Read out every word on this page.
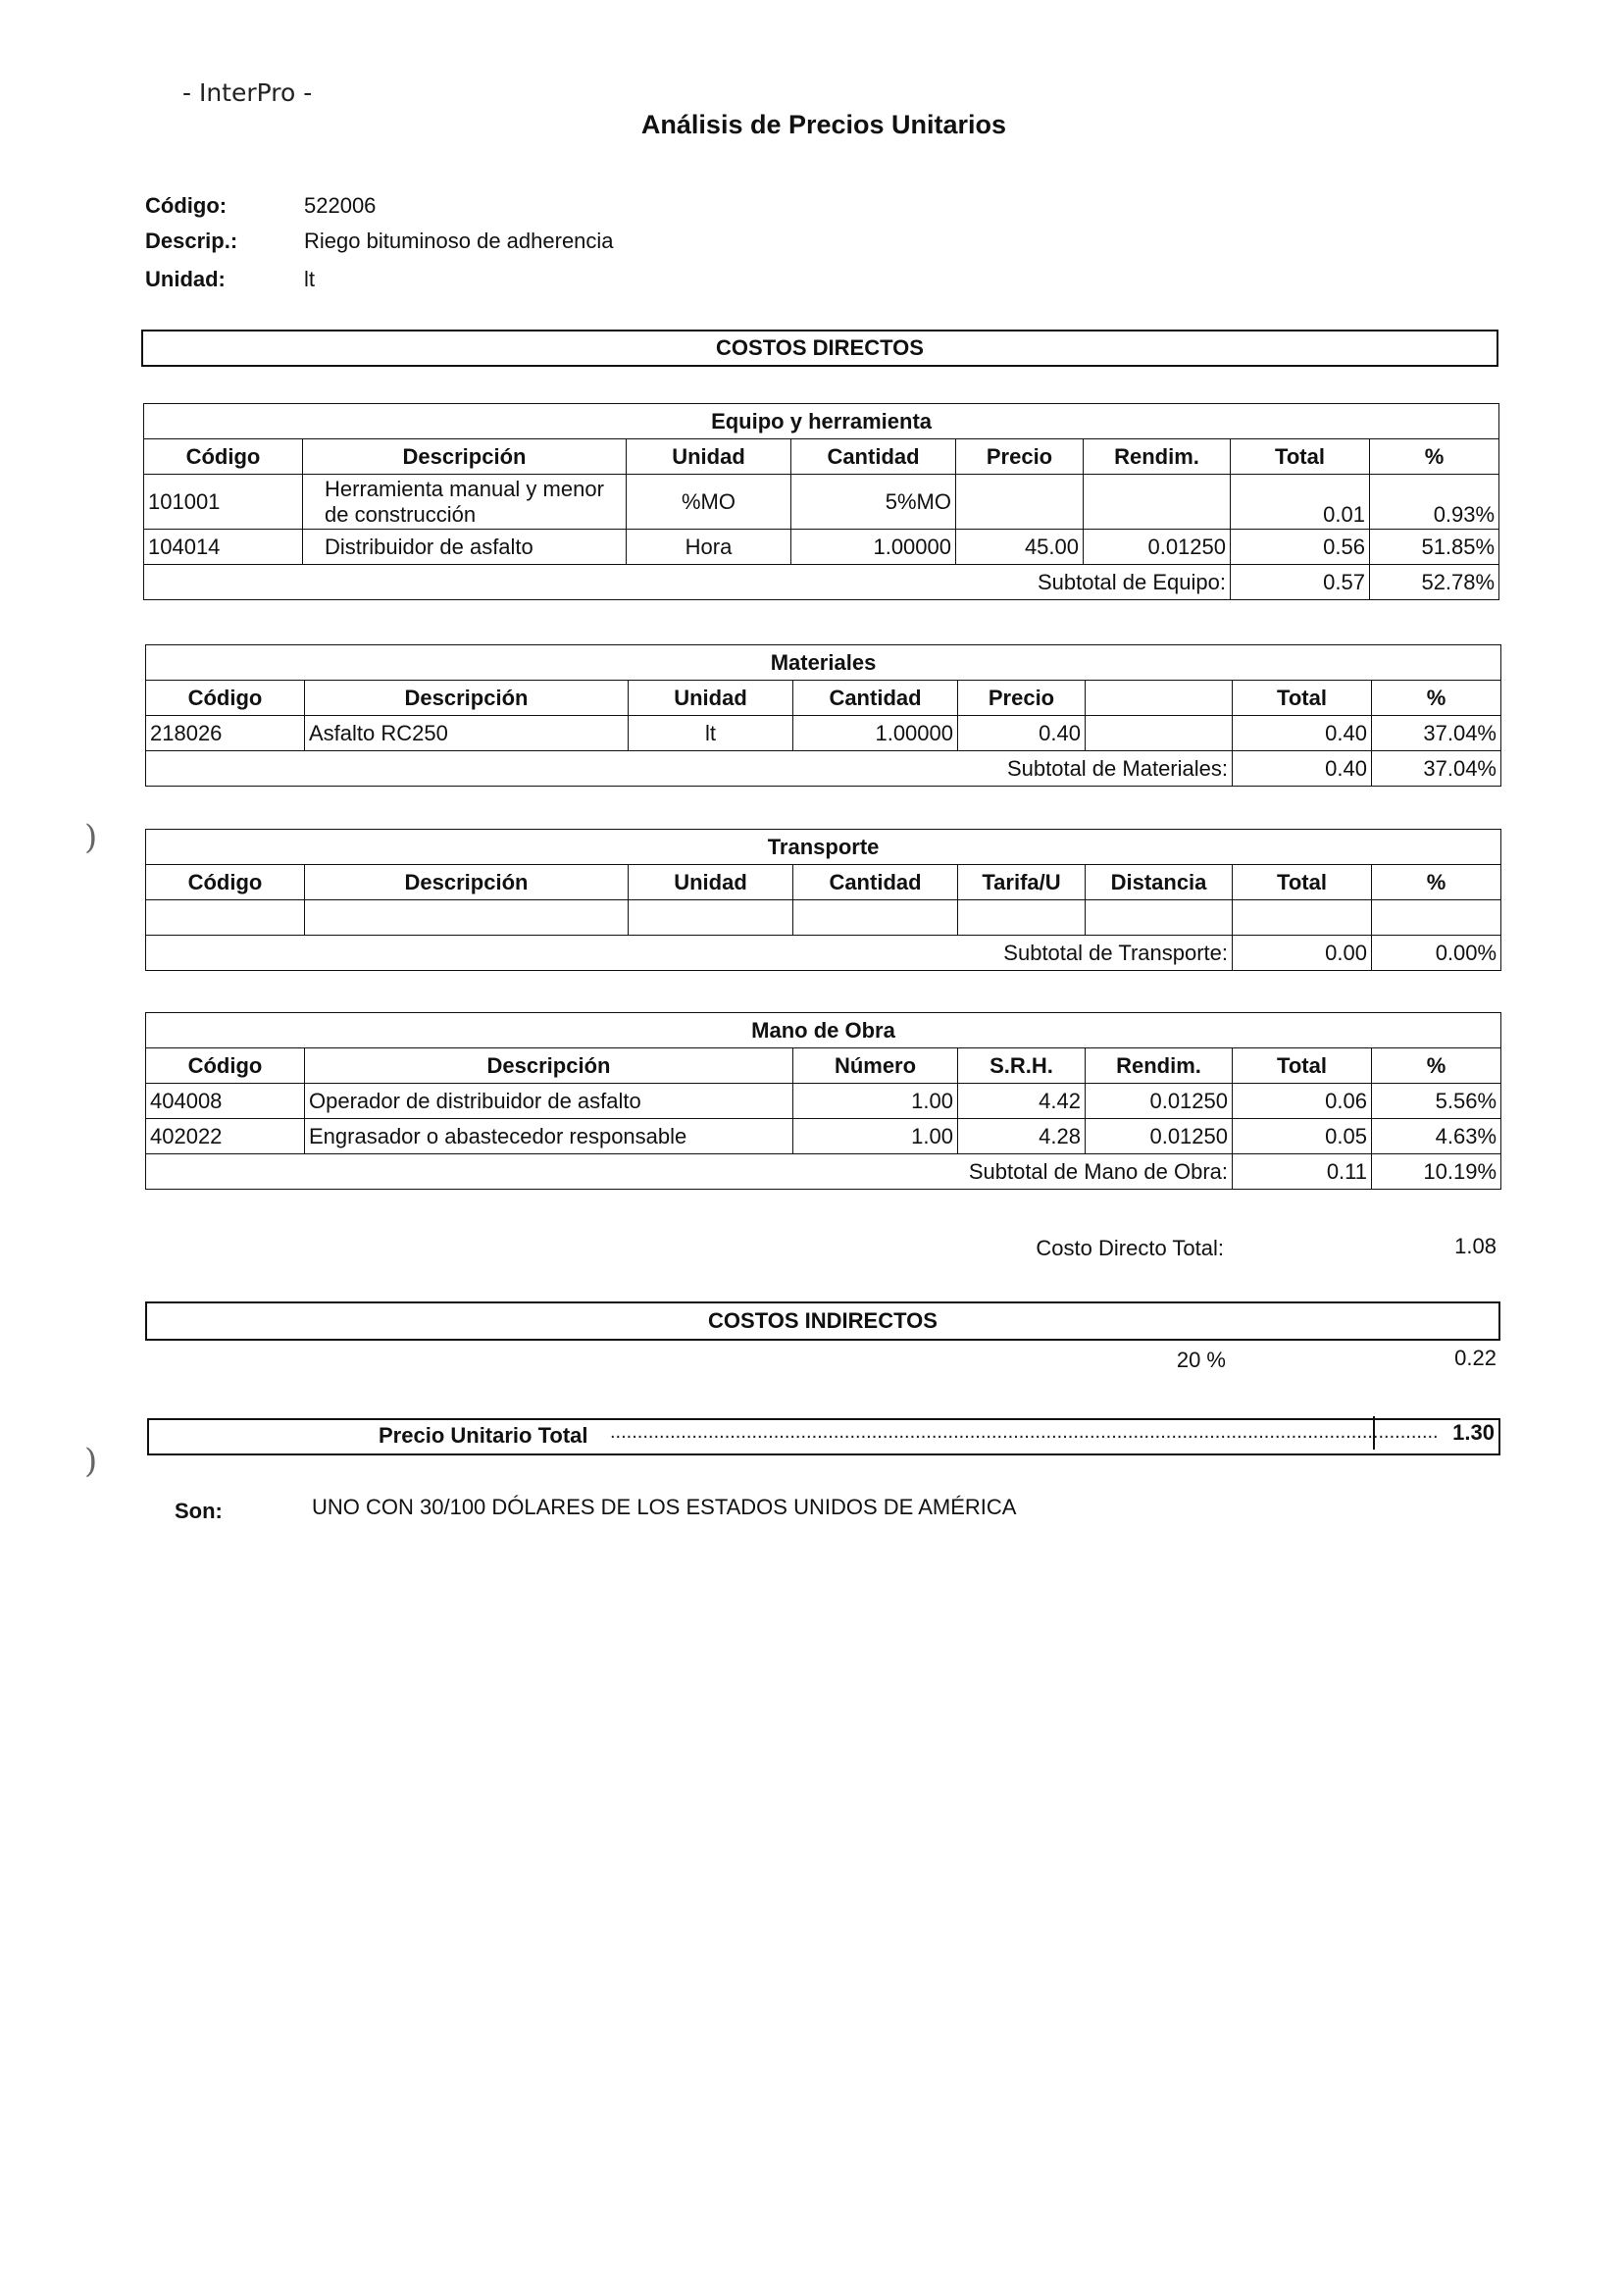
- InterPro -
Análisis de Precios Unitarios
Código:	522006
Descrip.:	Riego bituminoso de adherencia
Unidad:	lt
COSTOS DIRECTOS
Equipo y herramienta							
Código	Descripción	Unidad	Cantidad	Precio	Rendim.	Total	%
101001	Herramienta manual y menor de construcción	%MO	5%MO			0.01	0.93%
104014	Distribuidor de asfalto	Hora	1.00000	45.00	0.01250	0.56	51.85%
Subtotal de Equipo:						0.57	52.78%
Materiales							
Código	Descripción	Unidad	Cantidad	Precio		Total	%
218026	Asfalto RC250	lt	1.00000	0.40		0.40	37.04%
Subtotal de Materiales:						0.40	37.04%
Transporte							
Código	Descripción	Unidad	Cantidad	Tarifa/U	Distancia	Total	%

Subtotal de Transporte:						0.00	0.00%
Mano de Obra						
Código	Descripción	Número	S.R.H.	Rendim.	Total	%
404008	Operador de distribuidor de asfalto	1.00	4.42	0.01250	0.06	5.56%
402022	Engrasador o abastecedor responsable	1.00	4.28	0.01250	0.05	4.63%
Subtotal de Mano de Obra:					0.11	10.19%
Costo Directo Total:	1.08
COSTOS INDIRECTOS
20 %	0.22
Precio Unitario Total ........................................................................................................................................................ 1.30
Son:	UNO CON 30/100 DÓLARES DE LOS ESTADOS UNIDOS DE AMÉRICA
)
)
